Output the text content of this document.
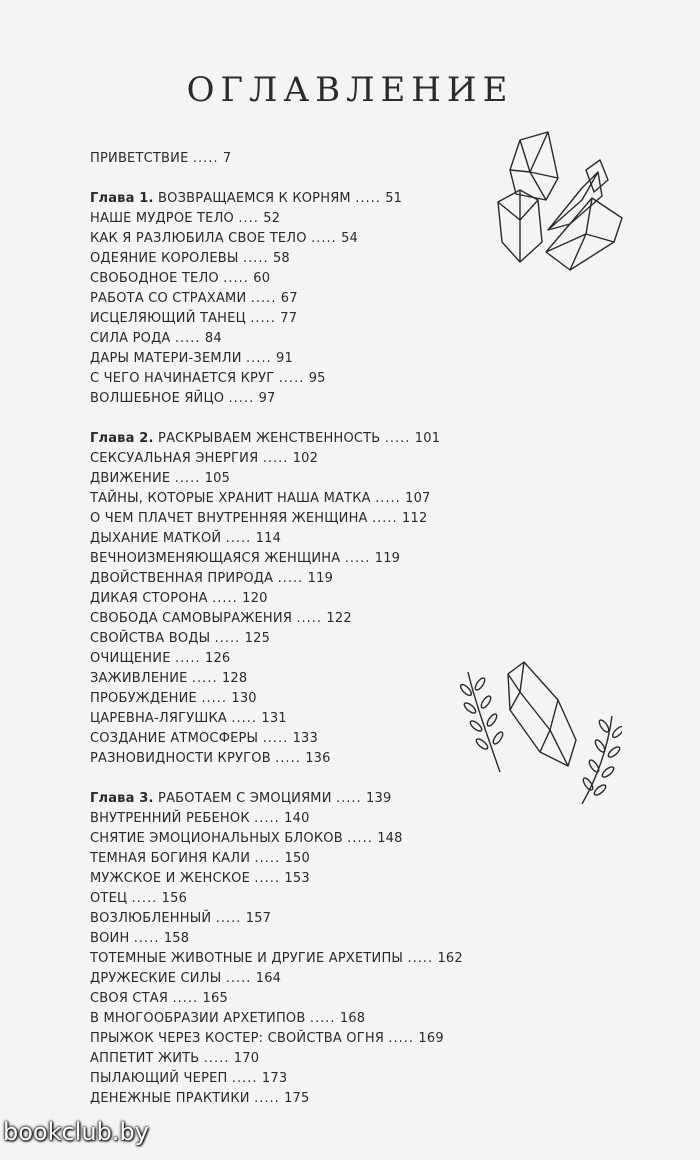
ОГЛАВЛЕНИЕ
ПРИВЕТСТВИЕ ..... 7
Глава 1. ВОЗВРАЩАЕМСЯ К КОРНЯМ ..... 51
НАШЕ МУДРОЕ ТЕЛО .... 52
КАК Я РАЗЛЮБИЛА СВОЕ ТЕЛО ..... 54
ОДЕЯНИЕ КОРОЛЕВЫ ..... 58
СВОБОДНОЕ ТЕЛО ..... 60
РАБОТА СО СТРАХАМИ ..... 67
ИСЦЕЛЯЮЩИЙ ТАНЕЦ ..... 77
СИЛА РОДА ..... 84
ДАРЫ МАТЕРИ-ЗЕМЛИ ..... 91
С ЧЕГО НАЧИНАЕТСЯ КРУГ ..... 95
ВОЛШЕБНОЕ ЯЙЦО ..... 97
Глава 2. РАСКРЫВАЕМ ЖЕНСТВЕННОСТЬ ..... 101
СЕКСУАЛЬНАЯ ЭНЕРГИЯ ..... 102
ДВИЖЕНИЕ ..... 105
ТАЙНЫ, КОТОРЫЕ ХРАНИТ НАША МАТКА ..... 107
О ЧЕМ ПЛАЧЕТ ВНУТРЕННЯЯ ЖЕНЩИНА ..... 112
ДЫХАНИЕ МАТКОЙ ..... 114
ВЕЧНОИЗМЕНЯЮЩАЯСЯ ЖЕНЩИНА ..... 119
ДВОЙСТВЕННАЯ ПРИРОДА ..... 119
ДИКАЯ СТОРОНА ..... 120
СВОБОДА САМОВЫРАЖЕНИЯ ..... 122
СВОЙСТВА ВОДЫ ..... 125
ОЧИЩЕНИЕ ..... 126
ЗАЖИВЛЕНИЕ ..... 128
ПРОБУЖДЕНИЕ ..... 130
ЦАРЕВНА-ЛЯГУШКА ..... 131
СОЗДАНИЕ АТМОСФЕРЫ ..... 133
РАЗНОВИДНОСТИ КРУГОВ ..... 136
Глава 3. РАБОТАЕМ С ЭМОЦИЯМИ ..... 139
ВНУТРЕННИЙ РЕБЕНОК ..... 140
СНЯТИЕ ЭМОЦИОНАЛЬНЫХ БЛОКОВ ..... 148
ТЕМНАЯ БОГИНЯ КАЛИ ..... 150
МУЖСКОЕ И ЖЕНСКОЕ ..... 153
ОТЕЦ ..... 156
ВОЗЛЮБЛЕННЫЙ ..... 157
ВОИН ..... 158
ТОТЕМНЫЕ ЖИВОТНЫЕ И ДРУГИЕ АРХЕТИПЫ ..... 162
ДРУЖЕСКИЕ СИЛЫ ..... 164
СВОЯ СТАЯ ..... 165
В МНОГООБРАЗИИ АРХЕТИПОВ ..... 168
ПРЫЖОК ЧЕРЕЗ КОСТЕР: СВОЙСТВА ОГНЯ ..... 169
АППЕТИТ ЖИТЬ ..... 170
ПЫЛАЮЩИЙ ЧЕРЕП ..... 173
ДЕНЕЖНЫЕ ПРАКТИКИ ..... 175
bookclub.by
